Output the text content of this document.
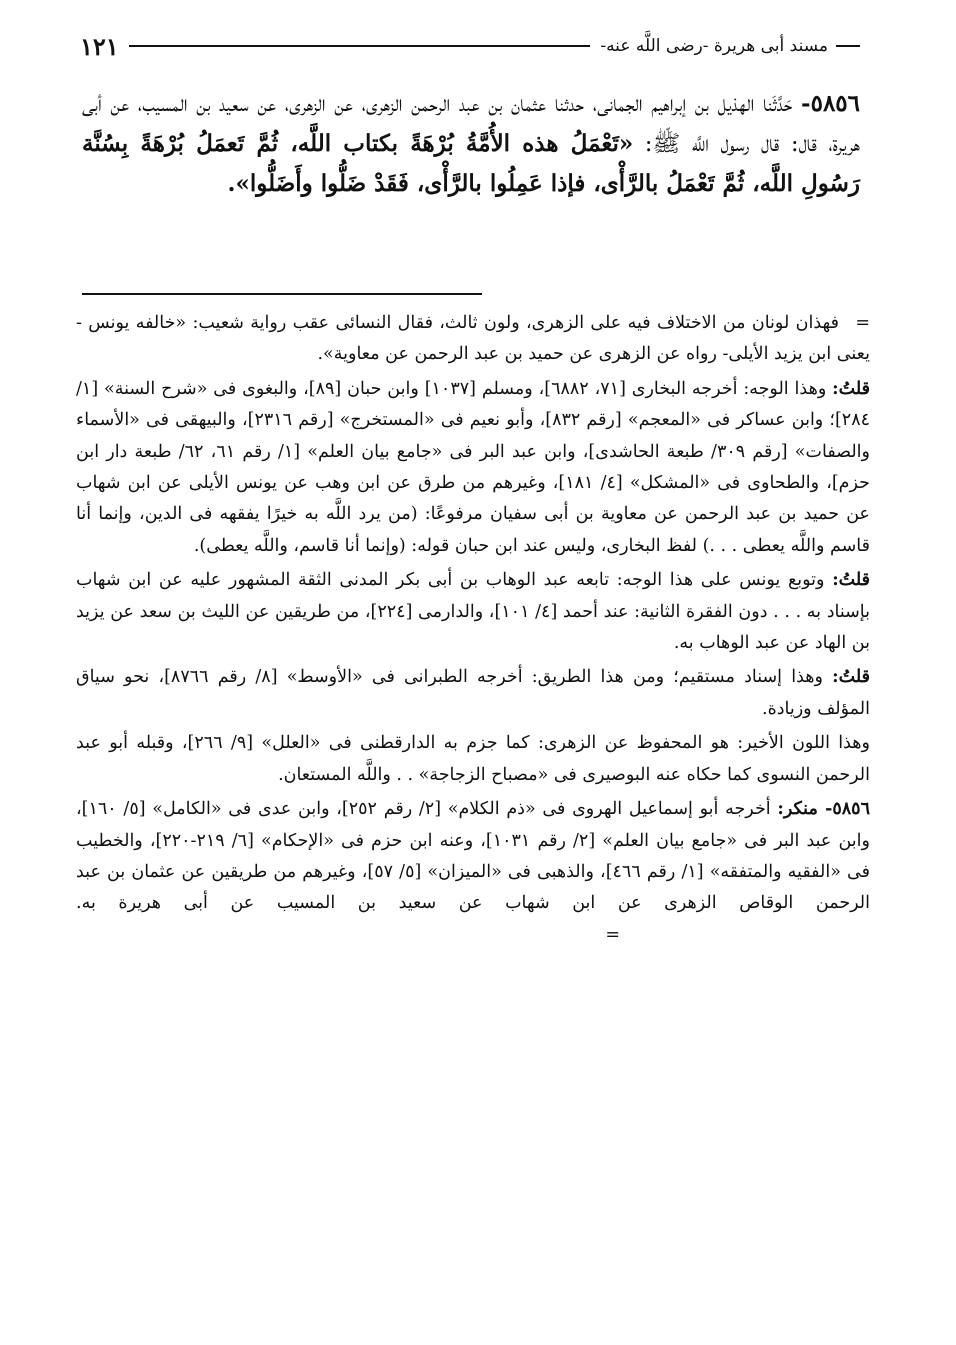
مسند أبى هريرة -رضى اللَّه عنه-
١٢١
٥٨٥٦- حَدَّثَنا الهذيل بن إبراهيم الجمانى، حدثنا عثمان بن عبد الرحمن الزهرى، عن الزهرى، عن سعيد بن المسيب، عن أبى هريرة، قال: قال رسول اللَّه ﷺ: «تَعْمَلُ هذه الأُمَّةُ بُرْهَةً بكتاب اللَّه، ثُمَّ تَعمَلُ بُرْهَةً بِسُنَّة رَسُولِ اللَّه، ثُمَّ تَعْمَلُ بالرَّأْى، فإذا عَمِلُوا بالرَّأْى، فَقَدْ ضَلُّوا وأَضَلُّوا».

= فهذان لونان من الاختلاف فيه على الزهرى، ولون ثالث، فقال النسائى عقب رواية شعيب: «خالفه يونس - يعنى ابن يزيد الأيلى- رواه عن الزهرى عن حميد بن عبد الرحمن عن معاوية».

قلتُ: وهذا الوجه: أخرجه البخارى [٧١، ٦٨٨٢]، ومسلم [١٠٣٧] وابن حبان [٨٩]، والبغوى فى «شرح السنة» [١/ ٢٨٤]؛ وابن عساكر فى «المعجم» [رقم ٨٣٢]، وأبو نعيم فى «المستخرج» [رقم ٢٣١٦]، والبيهقى فى «الأسماء والصفات» [رقم ٣٠٩/ طبعة الحاشدى]، وابن عبد البر فى «جامع بيان العلم» [١/ رقم ٦١، ٦٢/ طبعة دار ابن حزم]، والطحاوى فى «المشكل» [٤/ ١٨١]، وغيرهم من طرق عن ابن وهب عن يونس الأيلى عن ابن شهاب عن حميد بن عبد الرحمن عن معاوية بن أبى سفيان مرفوعًا: (من يرد اللَّه به خيرًا يفقهه فى الدين، وإنما أنا قاسم واللَّه يعطى . . .) لفظ البخارى، وليس عند ابن حبان قوله: (وإنما أنا قاسم، واللَّه يعطى).

قلتُ: وتوبع يونس على هذا الوجه: تابعه عبد الوهاب بن أبى بكر المدنى الثقة المشهور عليه عن ابن شهاب بإسناد به . . . دون الفقرة الثانية: عند أحمد [٤/ ١٠١]، والدارمى [٢٢٤]، من طريقين عن الليث بن سعد عن يزيد بن الهاد عن عبد الوهاب به.

قلتُ: وهذا إسناد مستقيم؛ ومن هذا الطريق: أخرجه الطبرانى فى «الأوسط» [٨/ رقم ٨٧٦٦]، نحو سياق المؤلف وزيادة.

وهذا اللون الأخير: هو المحفوظ عن الزهرى: كما جزم به الدارقطنى فى «العلل» [٩/ ٢٦٦]، وقبله أبو عبد الرحمن النسوى كما حكاه عنه البوصيرى فى «مصباح الزجاجة» . . واللَّه المستعان.

٥٨٥٦- منكر: أخرجه أبو إسماعيل الهروى فى «ذم الكلام» [٢/ رقم ٢٥٢]، وابن عدى فى «الكامل» [٥/ ١٦٠]، وابن عبد البر فى «جامع بيان العلم» [٢/ رقم ١٠٣١]، وعنه ابن حزم فى «الإحكام» [٦/ ٢١٩-٢٢٠]، والخطيب فى «الفقيه والمتفقه» [١/ رقم ٤٦٦]، والذهبى فى «الميزان» [٥/ ٥٧]، وغيرهم من طريقين عن عثمان بن عبد الرحمن الوقاص الزهرى عن ابن شهاب عن سعيد بن المسيب عن أبى هريرة به. =
